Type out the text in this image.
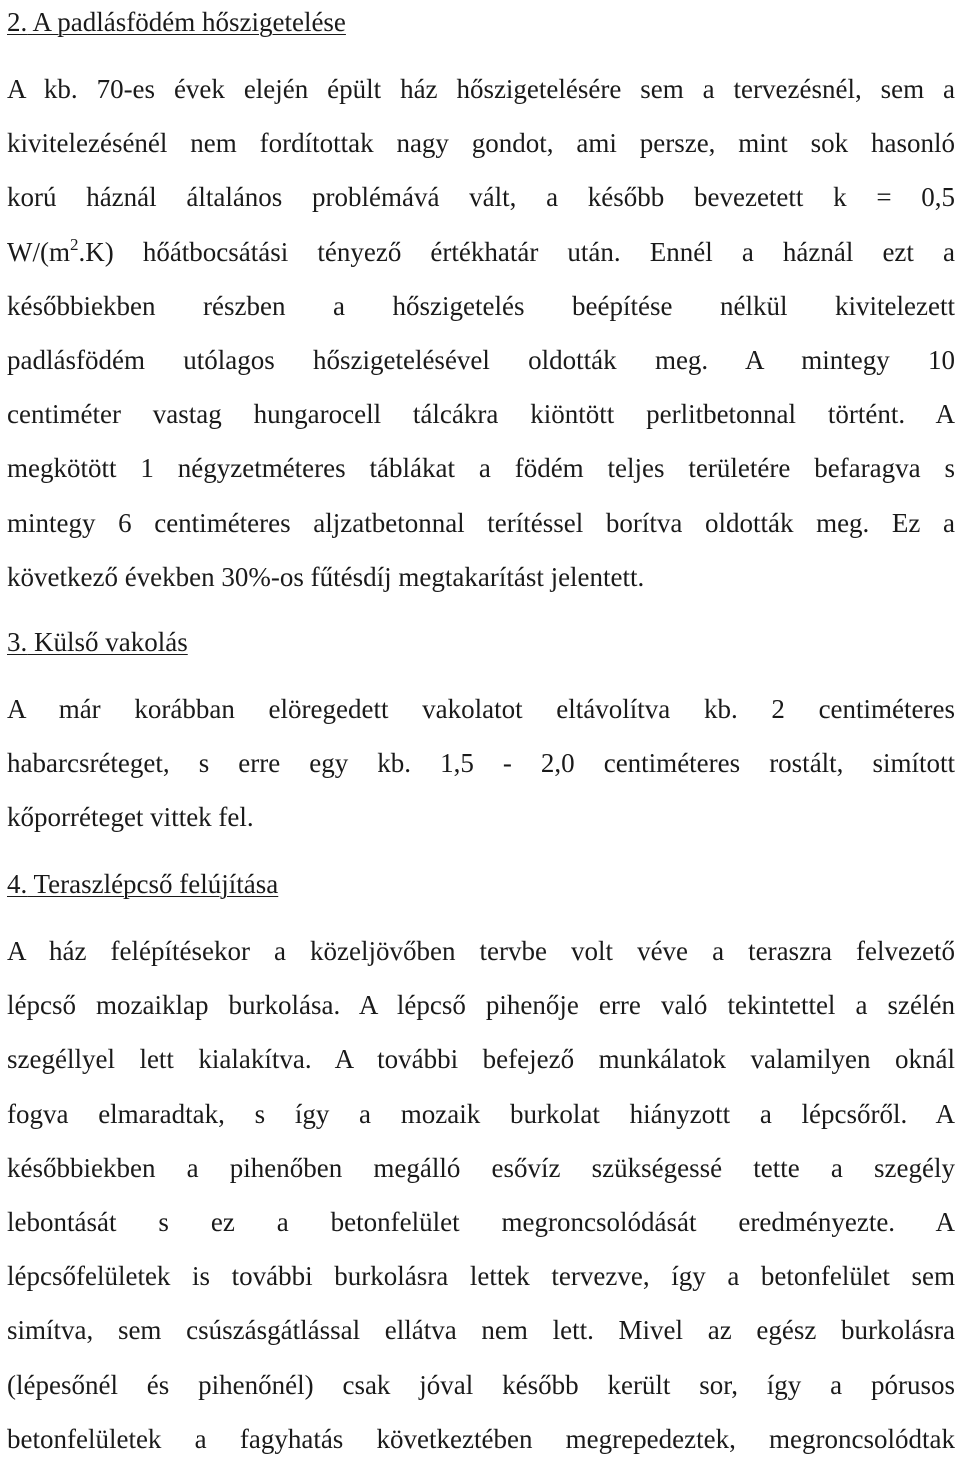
2. A padlásfödém hőszigetelése
A kb. 70-es évek elején épült ház hőszigetelésére sem a tervezésnél, sem a
kivitelezésénél nem fordítottak nagy gondot, ami persze, mint sok hasonló
korú háznál általános problémává vált, a később bevezetett k = 0,5
$W/(m^2.K)$ hőátbocsátási tényező értékhatár után. Ennél a háznál ezt a
későbbiekben részben a hőszigetelés beépítése nélkül kivitelezett
padlásfödém utólagos hőszigetelésével oldották meg. A mintegy 10
centiméter vastag hungarocell tálcákra kiöntött perlitbetonnal történt. A
megkötött 1 négyzetméteres táblákat a födém teljes területére befaragva s
mintegy 6 centiméteres aljzatbetonnal terítéssel borítva oldották meg. Ez a
következő években 30%-os fűtésdíj megtakarítást jelentett.
3. Külső vakolás
A már korábban elöregedett vakolatot eltávolítva kb. 2 centiméteres
habarcsréteget, s erre egy kb. 1,5 - 2,0 centiméteres rostált, simított
kőporréteget vittek fel.
4. Teraszlépcső felújítása
A ház felépítésekor a közeljövőben tervbe volt véve a teraszra felvezető
lépcső mozaiklap burkolása. A lépcső pihenője erre való tekintettel a szélén
szegéllyel lett kialakítva. A további befejező munkálatok valamilyen oknál
fogva elmaradtak, s így a mozaik burkolat hiányzott a lépcsőről. A
későbbiekben a pihenőben megálló esővíz szükségessé tette a szegély
lebontását s ez a betonfelület megroncsolódását eredményezte. A
lépcsőfelületek is további burkolásra lettek tervezve, így a betonfelület sem
simítva, sem csúszásgátlással ellátva nem lett. Mivel az egész burkolásra
(lépesőnél és pihenőnél) csak jóval később került sor, így a pórusos
betonfelületek a fagyhatás következtében megrepedeztek, megroncsolódtak
